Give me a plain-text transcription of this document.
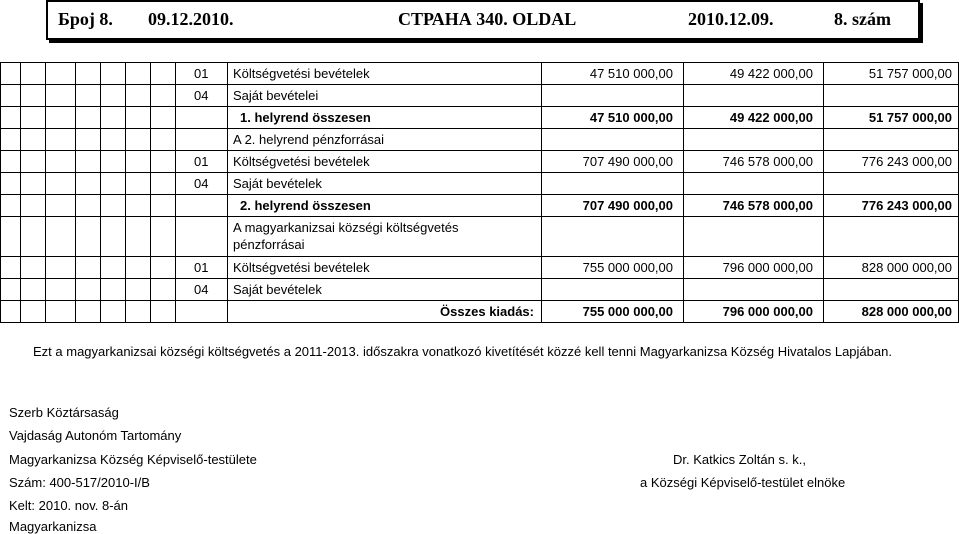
Број 8. 09.12.2010.	СТРАНА 340. OLDAL	2010.12.09.	8. szám
01 Költségvetési bevételek	47 510 000,00	49 422 000,00	51 757 000,00
04 Saját bevételei
1. helyrend összesen	47 510 000,00	49 422 000,00	51 757 000,00
A 2. helyrend pénzforrásai
01 Költségvetési bevételek	707 490 000,00	746 578 000,00	776 243 000,00
04 Saját bevételek
2. helyrend összesen	707 490 000,00	746 578 000,00	776 243 000,00
A magyarkanizsai községi költségvetés
pénzforrásai
01 Költségvetési bevételek	755 000 000,00	796 000 000,00	828 000 000,00
04 Saját bevételek
Összes kiadás:	755 000 000,00	796 000 000,00	828 000 000,00
Ezt a magyarkanizsai községi költségvetés a 2011-2013. időszakra vonatkozó kivetítését közzé kell tenni Magyarkanizsa Község Hivatalos Lapjában.
Szerb Köztársaság
Vajdaság Autonóm Tartomány
Magyarkanizsa Község Képviselő-testülete
Szám: 400-517/2010-I/B
Kelt: 2010. nov. 8-án
Magyarkanizsa
Dr. Katkics Zoltán s. k.,
a Községi Képviselő-testület elnöke
